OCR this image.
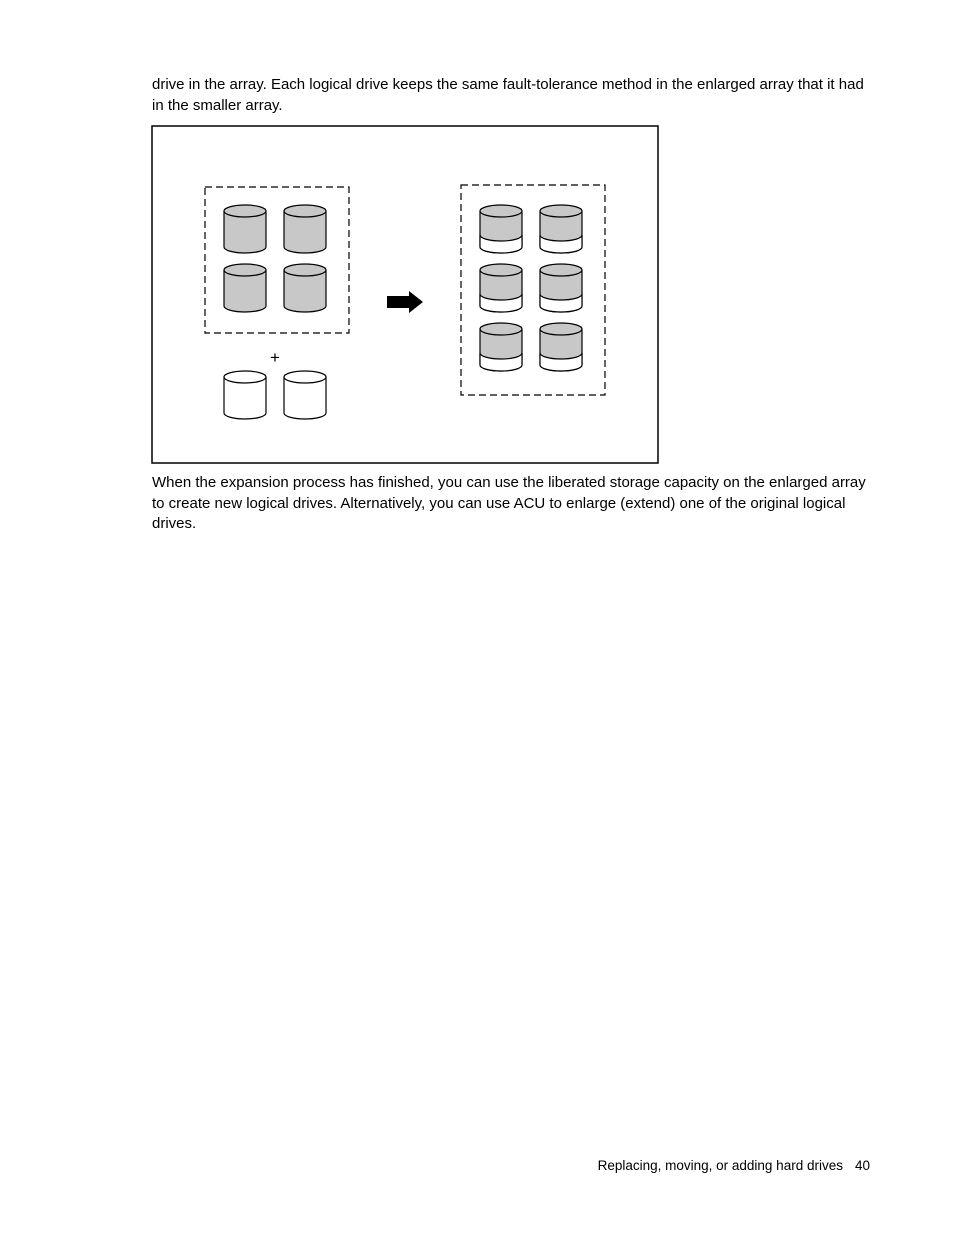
drive in the array. Each logical drive keeps the same fault-tolerance method in the enlarged array that it had in the smaller array.

+

When the expansion process has finished, you can use the liberated storage capacity on the enlarged array to create new logical drives. Alternatively, you can use ACU to enlarge (extend) one of the original logical drives.

Replacing, moving, or adding hard drives 40
